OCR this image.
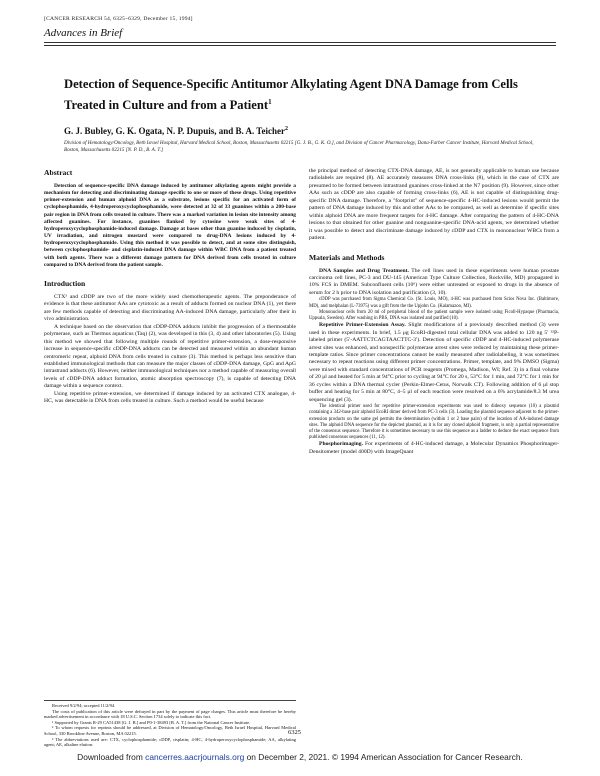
[CANCER RESEARCH 54, 6325–6329, December 15, 1994]
Advances in Brief
Detection of Sequence-Specific Antitumor Alkylating Agent DNA Damage from Cells Treated in Culture and from a Patient$^1$
G. J. Bubley, G. K. Ogata, N. P. Dupuis, and B. A. Teicher$^2$
Division of Hematology/Oncology, Beth Israel Hospital, Harvard Medical School, Boston, Massachusetts 02215 [G. J. B., G. K. O.], and Division of Cancer Pharmacology, Dana-Farber Cancer Institute, Harvard Medical School, Boston, Massachusetts 02215 [N. P. D., B. A. T.]
Abstract

Detection of sequence-specific DNA damage induced by antitumor alkylating agents might provide a mechanism for detecting and discriminating damage specific to one or more of these drugs. Using repetitive primer-extension and human alphoid DNA as a substrate, lesions specific for an activated form of cyclophosphamide, 4-hydroperoxycyclophosphamide, were detected at 32 of 33 guanines within a 200-base pair region in DNA from cells treated in culture. There was a marked variation in lesion site intensity among affected guanines. For instance, guanines flanked by cytosine were weak sites of 4-hydroperoxycyclophosphamide-induced damage. Damage at bases other than guanine induced by cisplatin, UV irradiation, and nitrogen mustard were compared to drug-DNA lesions induced by 4-hydroperoxycyclophosphamide. Using this method it was possible to detect, and at some sites distinguish, between cyclophosphamide- and cisplatin-induced DNA damage within WBC DNA from a patient treated with both agents. There was a different damage pattern for DNA derived from cells treated in culture compared to DNA derived from the patient sample.

Introduction

CTX³ and cDDP are two of the more widely used chemotherapeutic agents. The preponderance of evidence is that these antitumor AAs are cytotoxic as a result of adducts formed on nuclear DNA (1), yet there are few methods capable of detecting and discriminating AA-induced DNA damage, particularly after their in vivo administration.

A technique based on the observation that cDDP-DNA adducts inhibit the progression of a thermostable polymerase, such as Thermus aquaticus (Taq) (2), was developed in this (3, 4) and other laboratories (5). Using this method we showed that following multiple rounds of repetitive primer-extension, a dose-responsive increase in sequence-specific cDDP-DNA adducts can be detected and measured within an abundant human centromeric repeat, alphoid DNA from cells treated in culture (3). This method is perhaps less sensitive than established immunological methods that can measure the major classes of cDDP-DNA damage, GpG and ApG intrastrand adducts (6). However, neither immunological techniques nor a method capable of measuring overall levels of cDDP-DNA adduct formation, atomic absorption spectroscopy (7), is capable of detecting DNA damage within a sequence context.

Using repetitive primer-extension, we determined if damage induced by an activated CTX analogue, 4-HC, was detectable in DNA from cells treated in culture. Such a method would be useful because

Received 9/2/94; accepted 11/2/94.

The costs of publication of this article were defrayed in part by the payment of page charges. This article must therefore be hereby marked advertisement in accordance with 18 U.S.C. Section 1734 solely to indicate this fact.

¹ Supported by Grants R-29 CA51438 [G. J. B.] and P0-1-38493 [B. A. T.] from the National Cancer Institute.

² To whom requests for reprints should be addressed, at Division of Hematology/Oncology, Beth Israel Hospital, Harvard Medical School, 330 Brookline Avenue, Boston, MA 02215.

³ The abbreviations used are: CTX, cyclophosphamide; cDDP, cisplatin; 4-HC, 4-hydroperoxycyclophosphamide; AA, alkylating agent; AE, alkaline elution.

the principal method of detecting CTX-DNA damage, AE, is not generally applicable to human use because radiolabels are required (8). AE accurately measures DNA cross-links (8), which in the case of CTX are presumed to be formed between intrastrand guanines cross-linked at the N7 position (9). However, since other AAs such as cDDP are also capable of forming cross-links (6), AE is not capable of distinguishing drug-specific DNA damage. Therefore, a "footprint" of sequence-specific 4-HC-induced lesions would permit the pattern of DNA damage induced by this and other AAs to be compared, as well as determine if specific sites within alphoid DNA are more frequent targets for 4-HC damage. After comparing the pattern of 4-HC-DNA lesions to that obtained for other guanine and nonguanine-specific DNA-acid agents, we determined whether it was possible to detect and discriminate damage induced by cDDP and CTX in mononuclear WBCs from a patient.

Materials and Methods

DNA Samples and Drug Treatment. The cell lines used in these experiments were human prostate carcinoma cell lines, PC-3 and DU-145 (American Type Culture Collection, Rockville, MD) propagated in 10% FCS in DMEM. Subconfluent cells (10⁶) were either untreated or exposed to drugs in the absence of serum for 2 h prior to DNA isolation and purification (3, 10).

cDDP was purchased from Sigma Chemical Co. (St. Louis, MO), 4-HC was purchased from Scios Nova Inc. (Baltimore, MD), and melphalan (L-73975) was a gift from the the Upjohn Co. (Kalamazoo, MI).

Mononuclear cells from 20 ml of peripheral blood of the patient sample were isolated using Ficoll-Hypaque (Pharmacia, Uppsala, Sweden). After washing in PBS, DNA was isolated and purified (10).

Repetitive Primer-Extension Assay. Slight modifications of a previously described method (3) were used in these experiments. In brief, 1.5 μg EcoRI-digested total cellular DNA was added to 120 ng 5′ ³²P-labeled primer (5′-AATTCTCAGTAACTTC-3′). Detection of specific cDDP and 4-HC-induced polymerase arrest sites was enhanced, and nonspecific polymerase arrest sites were reduced by maintaining these primer-template ratios. Since primer concentrations cannot be easily measured after radiolabeling, it was sometimes necessary to repeat reactions using different primer concentrations. Primer, template, and 9% DMSO (Sigma) were mixed with standard concentrations of PCR reagents (Promega, Madison, WI; Ref. 3) in a final volume of 20 μl and heated for 5 min at 94°C prior to cycling at 94°C for 20 s, 53°C for 1 min, and 72°C for 1 min for 36 cycles within a DNA thermal cycler (Perkin-Elmer-Cetus, Norwalk CT). Following addition of 6 μl stop buffer and heating for 5 min at 80°C, 4–5 μl of each reaction were resolved on a 6% acrylamide/8.3 M urea sequencing gel (3).

The identical primer used for repetitive primer-extension experiments was used to dideoxy sequence (10) a plasmid containing a 342-base pair alphoid EcoRI dimer derived from PC-3 cells (3). Loading the plasmid sequence adjacent to the primer-extension products on the same gel permits the determination (within 1 or 2 base pairs) of the location of AA-induced damage sites. The alphoid DNA sequence for the depicted plasmid, as it is for any cloned alphoid fragment, is only a partial representative of the consensus sequence. Therefore it is sometimes necessary to use this sequence as a ladder to deduce the exact sequence from published consensus sequences (11, 12).

Phosphorimaging. For experiments of 4-HC-induced damage, a Molecular Dynamics Phosphorimager-Densitometer (model 400D) with ImageQuant

6325
Downloaded from cancerres.aacrjournals.org on December 2, 2021. © 1994 American Association for Cancer Research.
